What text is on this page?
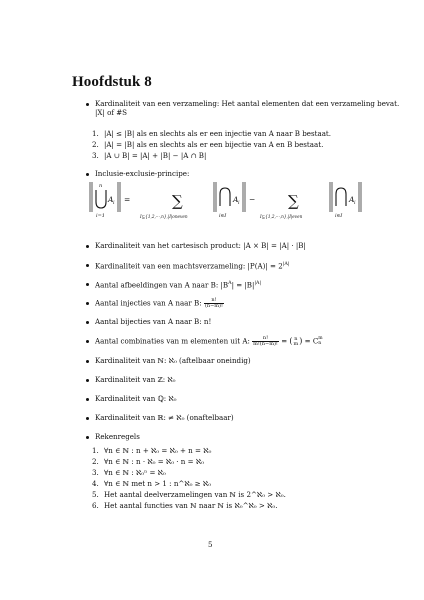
Hoofdstuk 8
Kardinaliteit van een verzameling: Het aantal elementen dat een verzameling bevat.
|X| of #S
1. |A| ≤ |B| als en slechts als er een injectie van A naar B bestaat.
2. |A| = |B| als en slechts als er een bijectie van A en B bestaat.
3. |A ∪ B| = |A| + |B| − |A ∩ B|
Inclusie-exclusie-principe:
n
i=1
A i =	∑
I⊆{1,2,···,n},|I|oneven	i∈I
A i − ∑
I⊆{1,2,···,n},|I|even	i∈I
A i
Kardinaliteit van het cartesisch product: |A × B| = |A| · |B|
Kardinaliteit van een machtsverzameling: $|P(A)| = 2^{|A|}$
Aantal afbeeldingen van A naar B: $|B^A| = |B|^{|A|}$
Aantal injecties van A naar B: $\frac{n!}{(n-m)!}$
Aantal bijecties van A naar B: n!
Aantal combinaties van m elementen uit A: $\frac{n!}{m!(n-m)!}$ = ( n
m ) = C m
n
Kardinaliteit van ℕ: ℵ₀ (aftelbaar oneindig)
Kardinaliteit van ℤ: ℵ₀
Kardinaliteit van ℚ: ℵ₀
Kardinaliteit van ℝ: ≠ ℵ₀ (onaftelbaar)
Rekenregels
1. ∀n ∈ ℕ : n + ℵ₀ = ℵ₀ + n = ℵ₀
2. ∀n ∈ ℕ : n · ℵ₀ = ℵ₀ · n = ℵ₀
3. ∀n ∈ ℕ : ℵ₀ⁿ = ℵ₀
4. ∀n ∈ ℕ met n > 1 : n^ℵ₀ ≥ ℵ₀
5. Het aantal deelverzamelingen van ℕ is 2^ℵ₀ > ℵ₀.
6. Het aantal functies van ℕ naar ℕ is ℵ₀^ℵ₀ > ℵ₀.
5
